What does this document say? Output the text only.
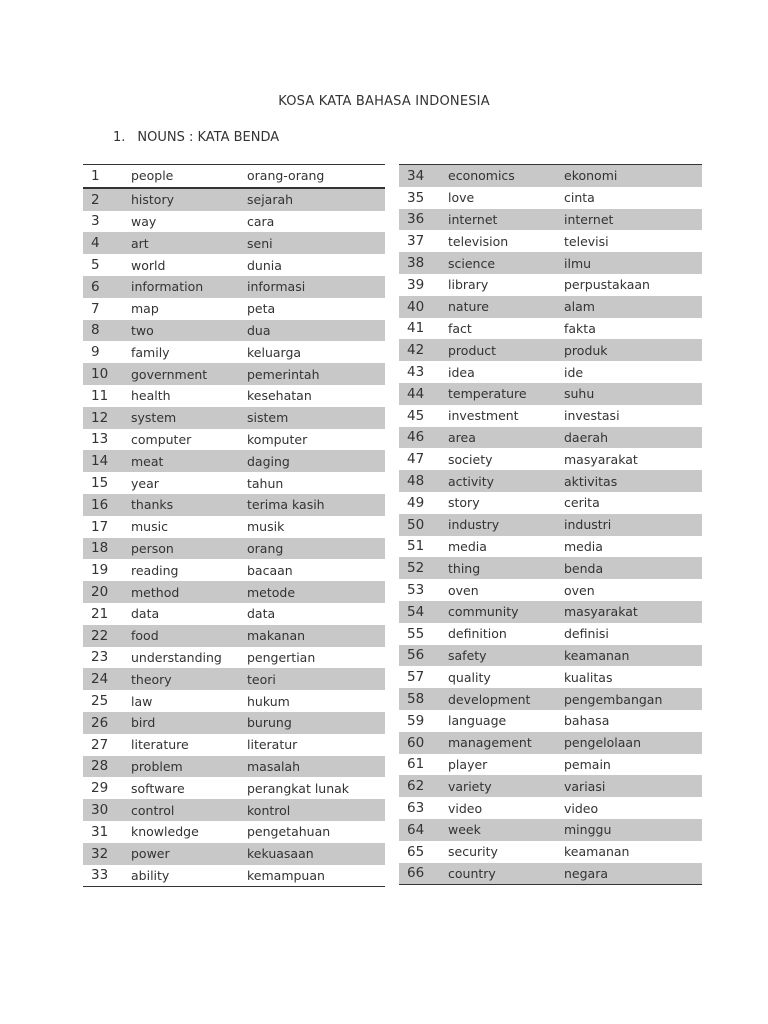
KOSA KATA BAHASA INDONESIA
1. NOUNS : KATA BENDA
1	people	orang-orang
2	history	sejarah
3	way	cara
4	art	seni
5	world	dunia
6	information	informasi
7	map	peta
8	two	dua
9	family	keluarga
10	government	pemerintah
11	health	kesehatan
12	system	sistem
13	computer	komputer
14	meat	daging
15	year	tahun
16	thanks	terima kasih
17	music	musik
18	person	orang
19	reading	bacaan
20	method	metode
21	data	data
22	food	makanan
23	understanding	pengertian
24	theory	teori
25	law	hukum
26	bird	burung
27	literature	literatur
28	problem	masalah
29	software	perangkat lunak
30	control	kontrol
31	knowledge	pengetahuan
32	power	kekuasaan
33	ability	kemampuan
34	economics	ekonomi
35	love	cinta
36	internet	internet
37	television	televisi
38	science	ilmu
39	library	perpustakaan
40	nature	alam
41	fact	fakta
42	product	produk
43	idea	ide
44	temperature	suhu
45	investment	investasi
46	area	daerah
47	society	masyarakat
48	activity	aktivitas
49	story	cerita
50	industry	industri
51	media	media
52	thing	benda
53	oven	oven
54	community	masyarakat
55	definition	definisi
56	safety	keamanan
57	quality	kualitas
58	development	pengembangan
59	language	bahasa
60	management	pengelolaan
61	player	pemain
62	variety	variasi
63	video	video
64	week	minggu
65	security	keamanan
66	country	negara
